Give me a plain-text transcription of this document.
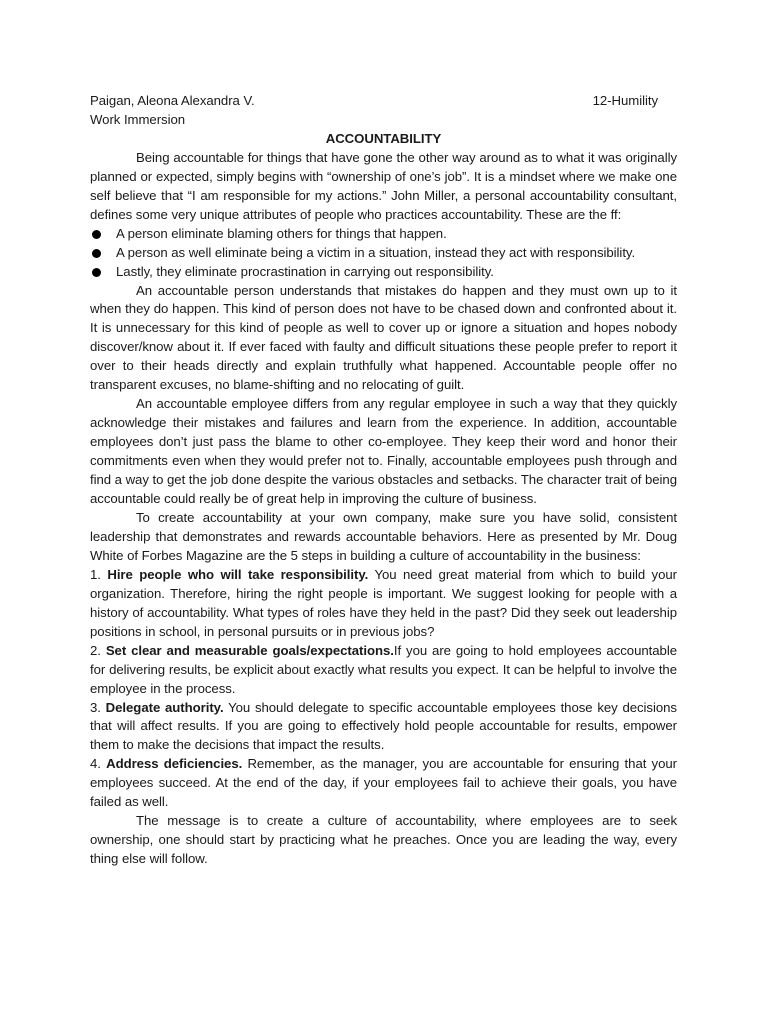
Paigan, Aleona Alexandra V.	12-Humility
Work Immersion
ACCOUNTABILITY

Being accountable for things that have gone the other way around as to what it was originally planned or expected, simply begins with “ownership of one’s job”. It is a mindset where we make one self believe that “I am responsible for my actions.” John Miller, a personal accountability consultant, defines some very unique attributes of people who practices accountability. These are the ff:

A person eliminate blaming others for things that happen.
A person as well eliminate being a victim in a situation, instead they act with responsibility.
Lastly, they eliminate procrastination in carrying out responsibility.

An accountable person understands that mistakes do happen and they must own up to it when they do happen. This kind of person does not have to be chased down and confronted about it. It is unnecessary for this kind of people as well to cover up or ignore a situation and hopes nobody discover/know about it. If ever faced with faulty and difficult situations these people prefer to report it over to their heads directly and explain truthfully what happened. Accountable people offer no transparent excuses, no blame-shifting and no relocating of guilt.

An accountable employee differs from any regular employee in such a way that they quickly acknowledge their mistakes and failures and learn from the experience. In addition, accountable employees don’t just pass the blame to other co-employee. They keep their word and honor their commitments even when they would prefer not to. Finally, accountable employees push through and find a way to get the job done despite the various obstacles and setbacks. The character trait of being accountable could really be of great help in improving the culture of business.

To create accountability at your own company, make sure you have solid, consistent leadership that demonstrates and rewards accountable behaviors. Here as presented by Mr. Doug White of Forbes Magazine are the 5 steps in building a culture of accountability in the business:

1. Hire people who will take responsibility. You need great material from which to build your organization. Therefore, hiring the right people is important. We suggest looking for people with a history of accountability. What types of roles have they held in the past? Did they seek out leadership positions in school, in personal pursuits or in previous jobs?

2. Set clear and measurable goals/expectations.If you are going to hold employees accountable for delivering results, be explicit about exactly what results you expect. It can be helpful to involve the employee in the process.

3. Delegate authority. You should delegate to specific accountable employees those key decisions that will affect results. If you are going to effectively hold people accountable for results, empower them to make the decisions that impact the results.

4. Address deficiencies. Remember, as the manager, you are accountable for ensuring that your employees succeed. At the end of the day, if your employees fail to achieve their goals, you have failed as well.

The message is to create a culture of accountability, where employees are to seek ownership, one should start by practicing what he preaches. Once you are leading the way, every thing else will follow.
